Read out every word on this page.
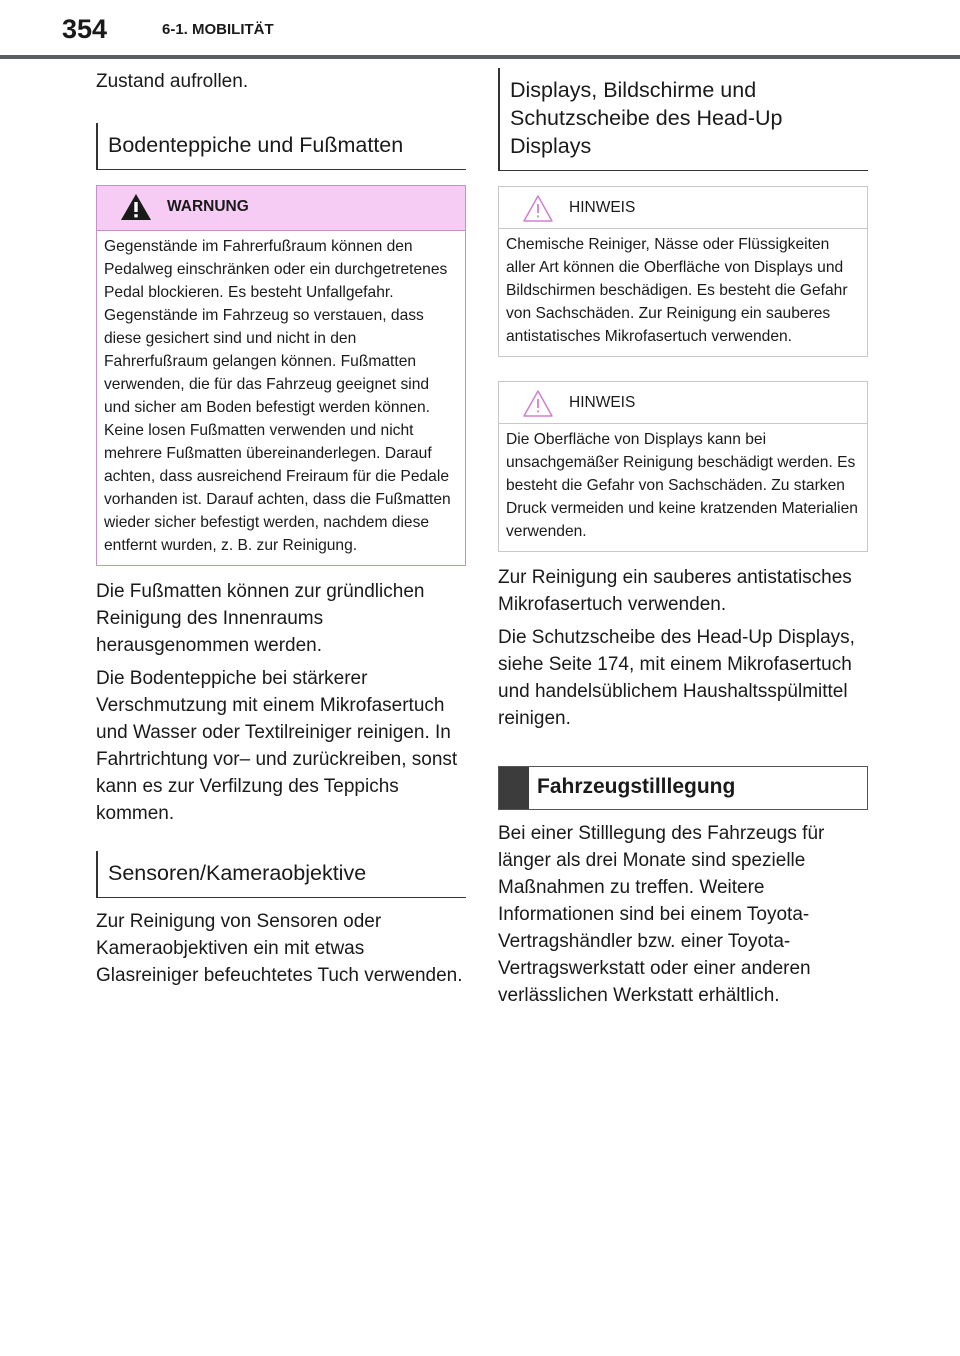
354	6-1. MOBILITÄT

Zustand aufrollen.

Bodenteppiche und Fußmatten
WARNUNG
Gegenstände im Fahrerfußraum können den Pedalweg einschränken oder ein durchgetretenes Pedal blockieren. Es besteht Unfallgefahr. Gegenstände im Fahrzeug so verstauen, dass diese gesichert sind und nicht in den Fahrerfußraum gelangen können. Fußmatten verwenden, die für das Fahrzeug geeignet sind und sicher am Boden befestigt werden können. Keine losen Fußmatten verwenden und nicht mehrere Fußmatten übereinanderlegen. Darauf achten, dass ausreichend Freiraum für die Pedale vorhanden ist. Darauf achten, dass die Fußmatten wieder sicher befestigt werden, nachdem diese entfernt wurden, z. B. zur Reinigung.

Die Fußmatten können zur gründlichen Reinigung des Innenraums herausgenommen werden.

Die Bodenteppiche bei stärkerer Verschmutzung mit einem Mikrofasertuch und Wasser oder Textilreiniger reinigen. In Fahrtrichtung vor– und zurückreiben, sonst kann es zur Verfilzung des Teppichs kommen.

Sensoren/Kameraobjektive

Zur Reinigung von Sensoren oder Kameraobjektiven ein mit etwas Glasreiniger befeuchtetes Tuch verwenden.

Displays, Bildschirme und Schutzscheibe des Head-Up Displays
HINWEIS
Chemische Reiniger, Nässe oder Flüssigkeiten aller Art können die Oberfläche von Displays und Bildschirmen beschädigen. Es besteht die Gefahr von Sachschäden. Zur Reinigung ein sauberes antistatisches Mikrofasertuch verwenden.
HINWEIS
Die Oberfläche von Displays kann bei unsachgemäßer Reinigung beschädigt werden. Es besteht die Gefahr von Sachschäden. Zu starken Druck vermeiden und keine kratzenden Materialien verwenden.

Zur Reinigung ein sauberes antistatisches Mikrofasertuch verwenden.

Die Schutzscheibe des Head-Up Displays, siehe Seite 174, mit einem Mikrofasertuch und handelsüblichem Haushaltsspülmittel reinigen.

Fahrzeugstilllegung

Bei einer Stilllegung des Fahrzeugs für länger als drei Monate sind spezielle Maßnahmen zu treffen. Weitere Informationen sind bei einem Toyota-Vertragshändler bzw. einer Toyota-Vertragswerkstatt oder einer anderen verlässlichen Werkstatt erhältlich.
